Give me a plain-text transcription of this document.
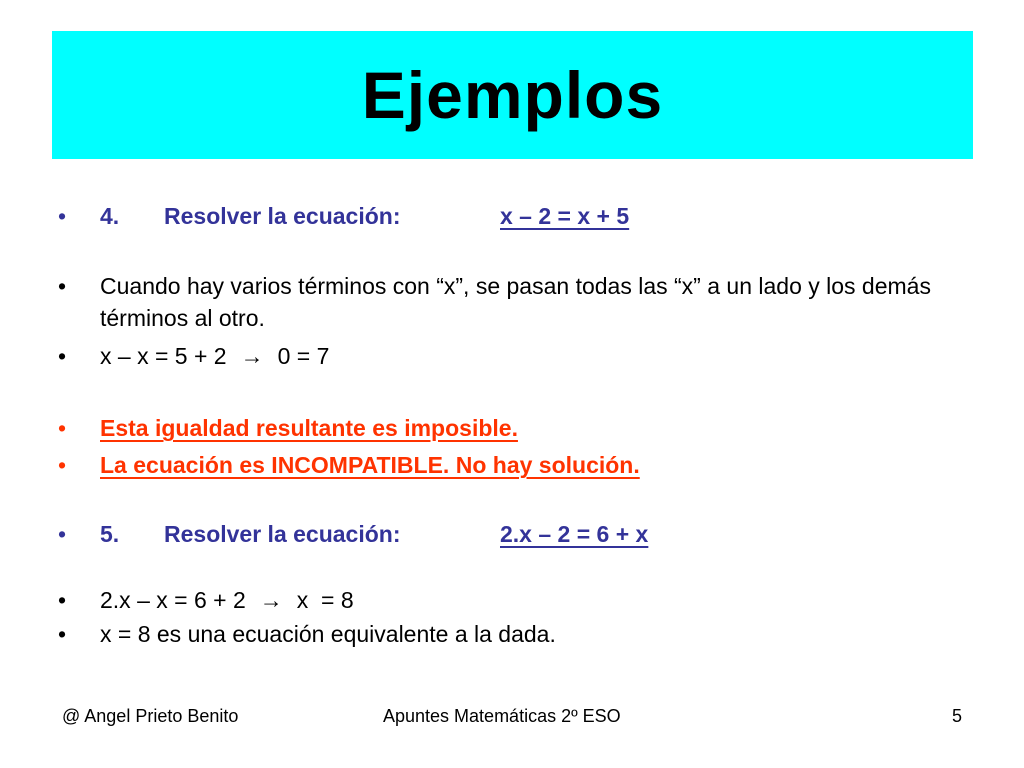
Ejemplos
•	4. Resolver la ecuación:	x – 2 = x + 5
•	Cuando hay varios términos con “x”, se pasan todas las “x” a un lado y los demás términos al otro.
•	x – x = 5 + 2 → 0 = 7
•	Esta igualdad resultante es imposible.
•	La ecuación es INCOMPATIBLE. No hay solución.
•	5. Resolver la ecuación:	2.x – 2 = 6 + x
•	2.x – x = 6 + 2 → x  = 8
•	x = 8 es una ecuación equivalente a la dada.
@ Angel Prieto Benito	Apuntes Matemáticas 2º ESO	5
